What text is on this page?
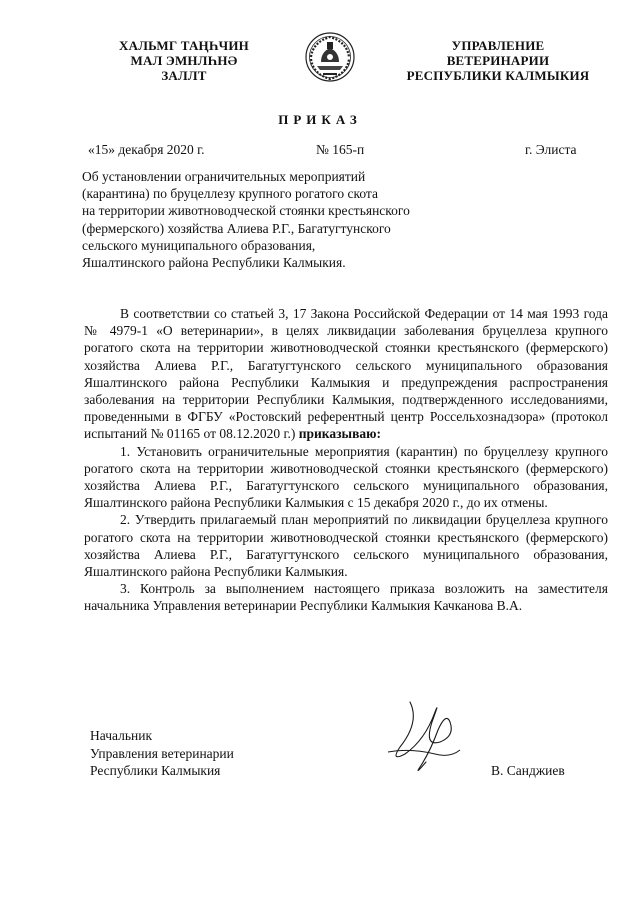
ХАЛЬМГ ТАҢҺЧИН
МАЛ ЭМНЛҺНӘ
ЗАЛЛТ
УПРАВЛЕНИЕ
ВЕТЕРИНАРИИ
РЕСПУБЛИКИ КАЛМЫКИЯ
ПРИКАЗ
«15» декабря 2020 г.	№ 165-п	г. Элиста
Об установлении ограничительных мероприятий
(карантина) по бруцеллезу крупного рогатого скота
на территории животноводческой стоянки крестьянского
(фермерского) хозяйства Алиева Р.Г., Багатугтунского
сельского муниципального образования,
Яшалтинского района Республики Калмыкия.

В соответствии со статьей 3, 17 Закона Российской Федерации от 14 мая 1993 года № 4979-1 «О ветеринарии», в целях ликвидации заболевания бруцеллеза крупного рогатого скота на территории животноводческой стоянки крестьянского (фермерского) хозяйства Алиева Р.Г., Багатугтунского сельского муниципального образования Яшалтинского района Республики Калмыкия и предупреждения распространения заболевания на территории Республики Калмыкия, подтвержденного исследованиями, проведенными в ФГБУ «Ростовский референтный центр Россельхознадзора» (протокол испытаний № 01165 от 08.12.2020 г.) приказываю:

1. Установить ограничительные мероприятия (карантин) по бруцеллезу крупного рогатого скота на территории животноводческой стоянки крестьянского (фермерского) хозяйства Алиева Р.Г., Багатугтунского сельского муниципального образования, Яшалтинского района Республики Калмыкия с 15 декабря 2020 г., до их отмены.

2. Утвердить прилагаемый план мероприятий по ликвидации бруцеллеза крупного рогатого скота на территории животноводческой стоянки крестьянского (фермерского) хозяйства Алиева Р.Г., Багатугтунского сельского муниципального образования, Яшалтинского района Республики Калмыкия.

3. Контроль за выполнением настоящего приказа возложить на заместителя начальника Управления ветеринарии Республики Калмыкия Качканова В.А.

Начальник
Управления ветеринарии
Республики Калмыкия	В. Санджиев
